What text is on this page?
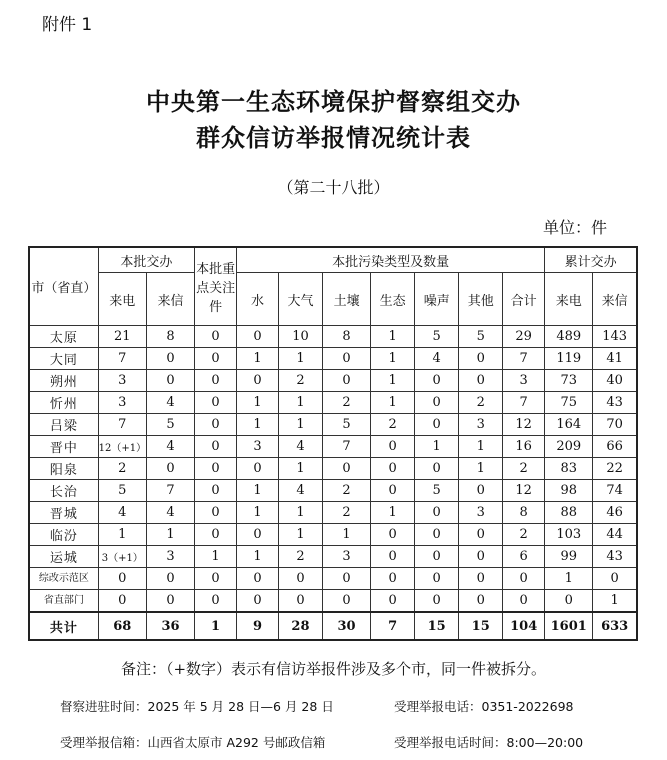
附件 1
中央第一生态环境保护督察组交办
群众信访举报情况统计表
（第二十八批）
单位：件
市（省直）	本批交办		本批重点关注件	本批污染类型及数量							累计交办	
	来电	来信		水	大气	土壤	生态	噪声	其他	合计	来电	来信
太原	21	8	0	0	10	8	1	5	5	29	489	143
大同	7	0	0	1	1	0	1	4	0	7	119	41
朔州	3	0	0	0	2	0	1	0	0	3	73	40
忻州	3	4	0	1	1	2	1	0	2	7	75	43
吕梁	7	5	0	1	1	5	2	0	3	12	164	70
晋中	12（+1）	4	0	3	4	7	0	1	1	16	209	66
阳泉	2	0	0	0	1	0	0	0	1	2	83	22
长治	5	7	0	1	4	2	0	5	0	12	98	74
晋城	4	4	0	1	1	2	1	0	3	8	88	46
临汾	1	1	0	0	1	1	0	0	0	2	103	44
运城	3（+1）	3	1	1	2	3	0	0	0	6	99	43
综改示范区	0	0	0	0	0	0	0	0	0	0	1	0
省直部门	0	0	0	0	0	0	0	0	0	0	0	1
共计	68	36	1	9	28	30	7	15	15	104	1601	633
备注：（+数字）表示有信访举报件涉及多个市，同一件被拆分。
督察进驻时间：2025 年 5 月 28 日—6 月 28 日	受理举报电话：0351-2022698
受理举报信箱：山西省太原市 A292 号邮政信箱	受理举报电话时间：8:00—20:00
